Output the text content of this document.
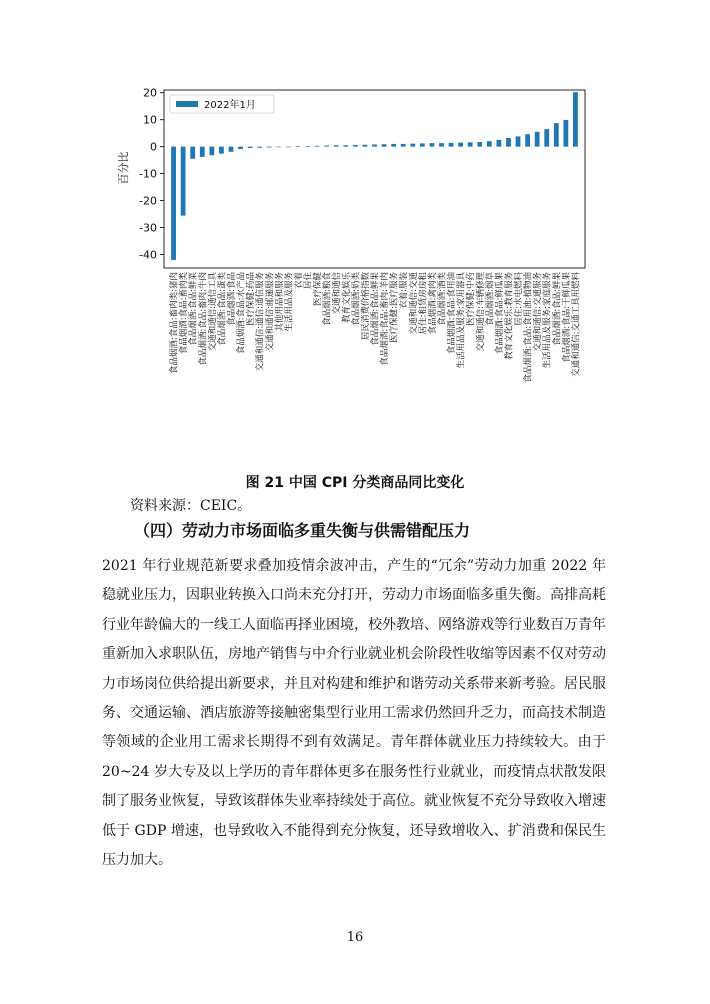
百分比
20
10
0
-10
-20
-30
-40
食品烟酒:食品:畜肉类:猪肉 食品烟酒:食品:畜肉类 食品烟酒:食品:鲜菜 食品烟酒:食品:畜肉:牛肉 交通和通信:通信工具 食品烟酒:食品:蛋类 食品烟酒:食品 食品烟酒:食品:水产品 医疗保健:药品 交通和通信:通信:通信服务 交通和通信:邮递服务 其他用品和服务 生活用品及服务 衣着 居住 医疗保健 食品烟酒:粮食 交通和通信 教育文化娱乐 食品烟酒:奶类 居民消费价格指数 食品烟酒:食品:鲜果 食品烟酒:食品:畜肉:羊肉 医疗保健:医疗服务 衣着:服装 交通和通信:交通 居住:租赁房房租 食品烟酒:禽肉类 食品烟酒:酒类 食品烟酒:食品:食用油 生活用品及服务:家用器具 医疗保健:中药 交通和通信:车辆修理 食品烟酒:烟草 食品烟酒:食品:鲜瓜果 教育文化娱乐:教育服务 居住:水电燃料 食品烟酒:食品:食用油:植物油 交通和通信:交通服务 生活用品及服务:家庭服务 食品烟酒:食品:鲜果 食品烟酒:食品:干鲜瓜果 交通和通信:交通工具用燃料
2022年1月
图 21 中国 CPI 分类商品同比变化
资料来源：CEIC。
（四）劳动力市场面临多重失衡与供需错配压力

2021 年行业规范新要求叠加疫情余波冲击，产生的“冗余”劳动力加重 2022 年稳就业压力，因职业转换入口尚未充分打开，劳动力市场面临多重失衡。高排高耗行业年龄偏大的一线工人面临再择业困境，校外教培、网络游戏等行业数百万青年重新加入求职队伍，房地产销售与中介行业就业机会阶段性收缩等因素不仅对劳动力市场岗位供给提出新要求，并且对构建和维护和谐劳动关系带来新考验。居民服务、交通运输、酒店旅游等接触密集型行业用工需求仍然回升乏力，而高技术制造等领域的企业用工需求长期得不到有效满足。青年群体就业压力持续较大。由于 20~24 岁大专及以上学历的青年群体更多在服务性行业就业，而疫情点状散发限制了服务业恢复，导致该群体失业率持续处于高位。就业恢复不充分导致收入增速低于 GDP 增速，也导致收入不能得到充分恢复，还导致增收入、扩消费和保民生压力加大。

16
